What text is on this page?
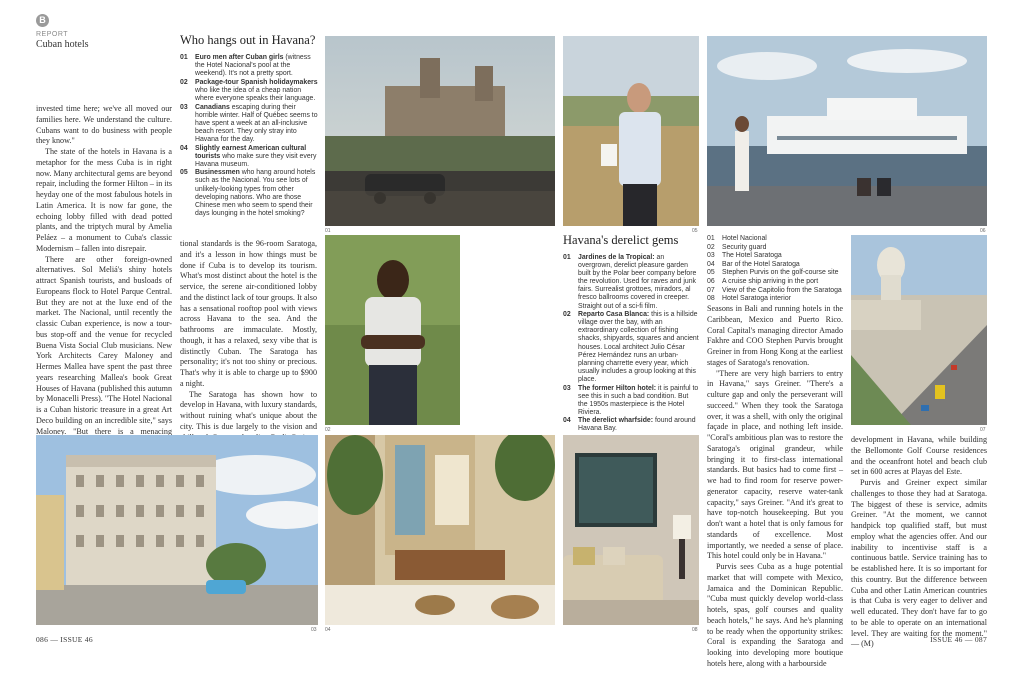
B
REPORT
Cuban hotels	Who hangs out in Havana?
01 Euro men after Cuban girls (witness the Hotel Nacional's pool at the weekend). It's not a pretty sport.
02 Package-tour Spanish holidaymakers who like the idea of a cheap nation where everyone speaks their language.
03 Canadians escaping during their horrible winter. Half of Québec seems to have spent a week at an all-inclusive beach resort. They only stray into Havana for the day.
04 Slightly earnest American cultural tourists who make sure they visit every Havana museum.
05 Businessmen who hang around hotels such as the Nacional. You see lots of unlikely-looking types from other developing nations. Who are those Chinese men who seem to spend their days lounging in the hotel smoking?

invested time here; we've all moved our families here. We understand the culture. Cubans want to do business with people they know."

The state of the hotels in Havana is a metaphor for the mess Cuba is in right now. Many architectural gems are beyond repair, including the former Hilton – in its heyday one of the most fabulous hotels in Latin America. It is now far gone, the echoing lobby filled with dead potted plants, and the triptych mural by Amelia Peláez – a monument to Cuba's classic Modernism – fallen into disrepair.

There are other foreign-owned alternatives. Sol Meliá's shiny hotels attract Spanish tourists, and busloads of Europeans flock to Hotel Parque Central. But they are not at the luxe end of the market. The Nacional, until recently the classic Cuban experience, is now a tour-bus stop-off and the venue for recycled Buena Vista Social Club musicians. New York Architects Carey Maloney and Hermes Mallea have spent the past three years researching Mallea's book Great Houses of Havana (published this autumn by Monacelli Press). "The Hotel Nacional is a Cuban historic treasure in a great Art Deco building on an incredible site," says Maloney. "But there is a menacing

tional standards is the 96-room Saratoga, and it's a lesson in how things must be done if Cuba is to develop its tourism. What's most distinct about the hotel is the service, the serene air-conditioned lobby and the distinct lack of tour groups. It also has a sensational rooftop pool with views across Havana to the sea. And the bathrooms are immaculate. Mostly, though, it has a relaxed, sexy vibe that is distinctly Cuban. The Saratoga has personality; it's not too shiny or precious. That's why it is able to charge up to $900 a night.

The Saratoga has shown how to develop in Havana, with luxury standards, without ruining what's unique about the city. This is due largely to the vision and

01
02
05	06
07
03 04	08
Havana's derelict gems
01 Jardines de la Tropical: an overgrown, derelict pleasure garden built by the Polar beer company before the revolution. Used for raves and junk fairs. Surrealist grottoes, miradors, al fresco ballrooms covered in creeper. Straight out of a sci-fi film.
02 Reparto Casa Blanca: this is a hillside village over the bay, with an extraordinary collection of fishing shacks, shipyards, squares and ancient houses. Local architect Julio César Pérez Hernández runs an urban-planning charrette every year, which usually includes a group looking at this place.
03 The former Hilton hotel: it is painful to see this in such a bad condition. But the 1950s masterpiece is the Hotel Riviera.
04 The derelict wharfside: found around Havana Bay.
01 Hotel Nacional
02 Security guard
03 The Hotel Saratoga
04 Bar of the Hotel Saratoga
05 Stephen Purvis on the golf-course site
06 A cruise ship arriving in the port
07 View of the Capitolio from the Saratoga
08 Hotel Saratoga interior

Seasons in Bali and running hotels in the Caribbean, Mexico and Puerto Rico. Coral Capital's managing director Amado Fakhre and COO Stephen Purvis brought Greiner in from Hong Kong at the earliest stages of Saratoga's renovation.

"There are very high barriers to entry in Havana," says Greiner. "There's a culture gap and only the perseverant will succeed." When they took the Saratoga over, it was a shell, with only the original façade in place, and nothing left inside. "Coral's ambitious plan was to restore the Saratoga's original grandeur, while bringing it to first-class international standards. But basics had to come first – we had to find room for reserve power-generator capacity, reserve water-tank capacity," says Greiner. "And it's great to have top-notch housekeeping. But you don't want a hotel that is only famous for standards of excellence. Most importantly, we needed a sense of place. This hotel could only be in Havana."

Purvis sees Cuba as a huge potential market that will compete with Mexico, Jamaica and the Dominican Republic. "Cuba must quickly develop world-class hotels, spas, golf courses and quality beach hotels," he says. And he's planning to be ready when the opportunity strikes: Coral is expanding the Saratoga and looking into developing more boutique hotels here, along with a harboursidе

development in Havana, while building the Bellomonte Golf Course residences and the oceanfront hotel and beach club set in 600 acres at Playas del Este.

Purvis and Greiner expect similar challenges to those they had at Saratoga. The biggest of these is service, admits Greiner. "At the moment, we cannot handpick top qualified staff, but must employ what the agencies offer. And our inability to incentivise staff is a continuous battle. Service training has to be established here. It is so important for this country. But the difference between Cuba and other Latin American countries is that Cuba is very eager to deliver and well educated. They don't have far to go to be able to operate on an international level. They are waiting for the moment." — (M)

086 — ISSUE 46	ISSUE 46 — 087
